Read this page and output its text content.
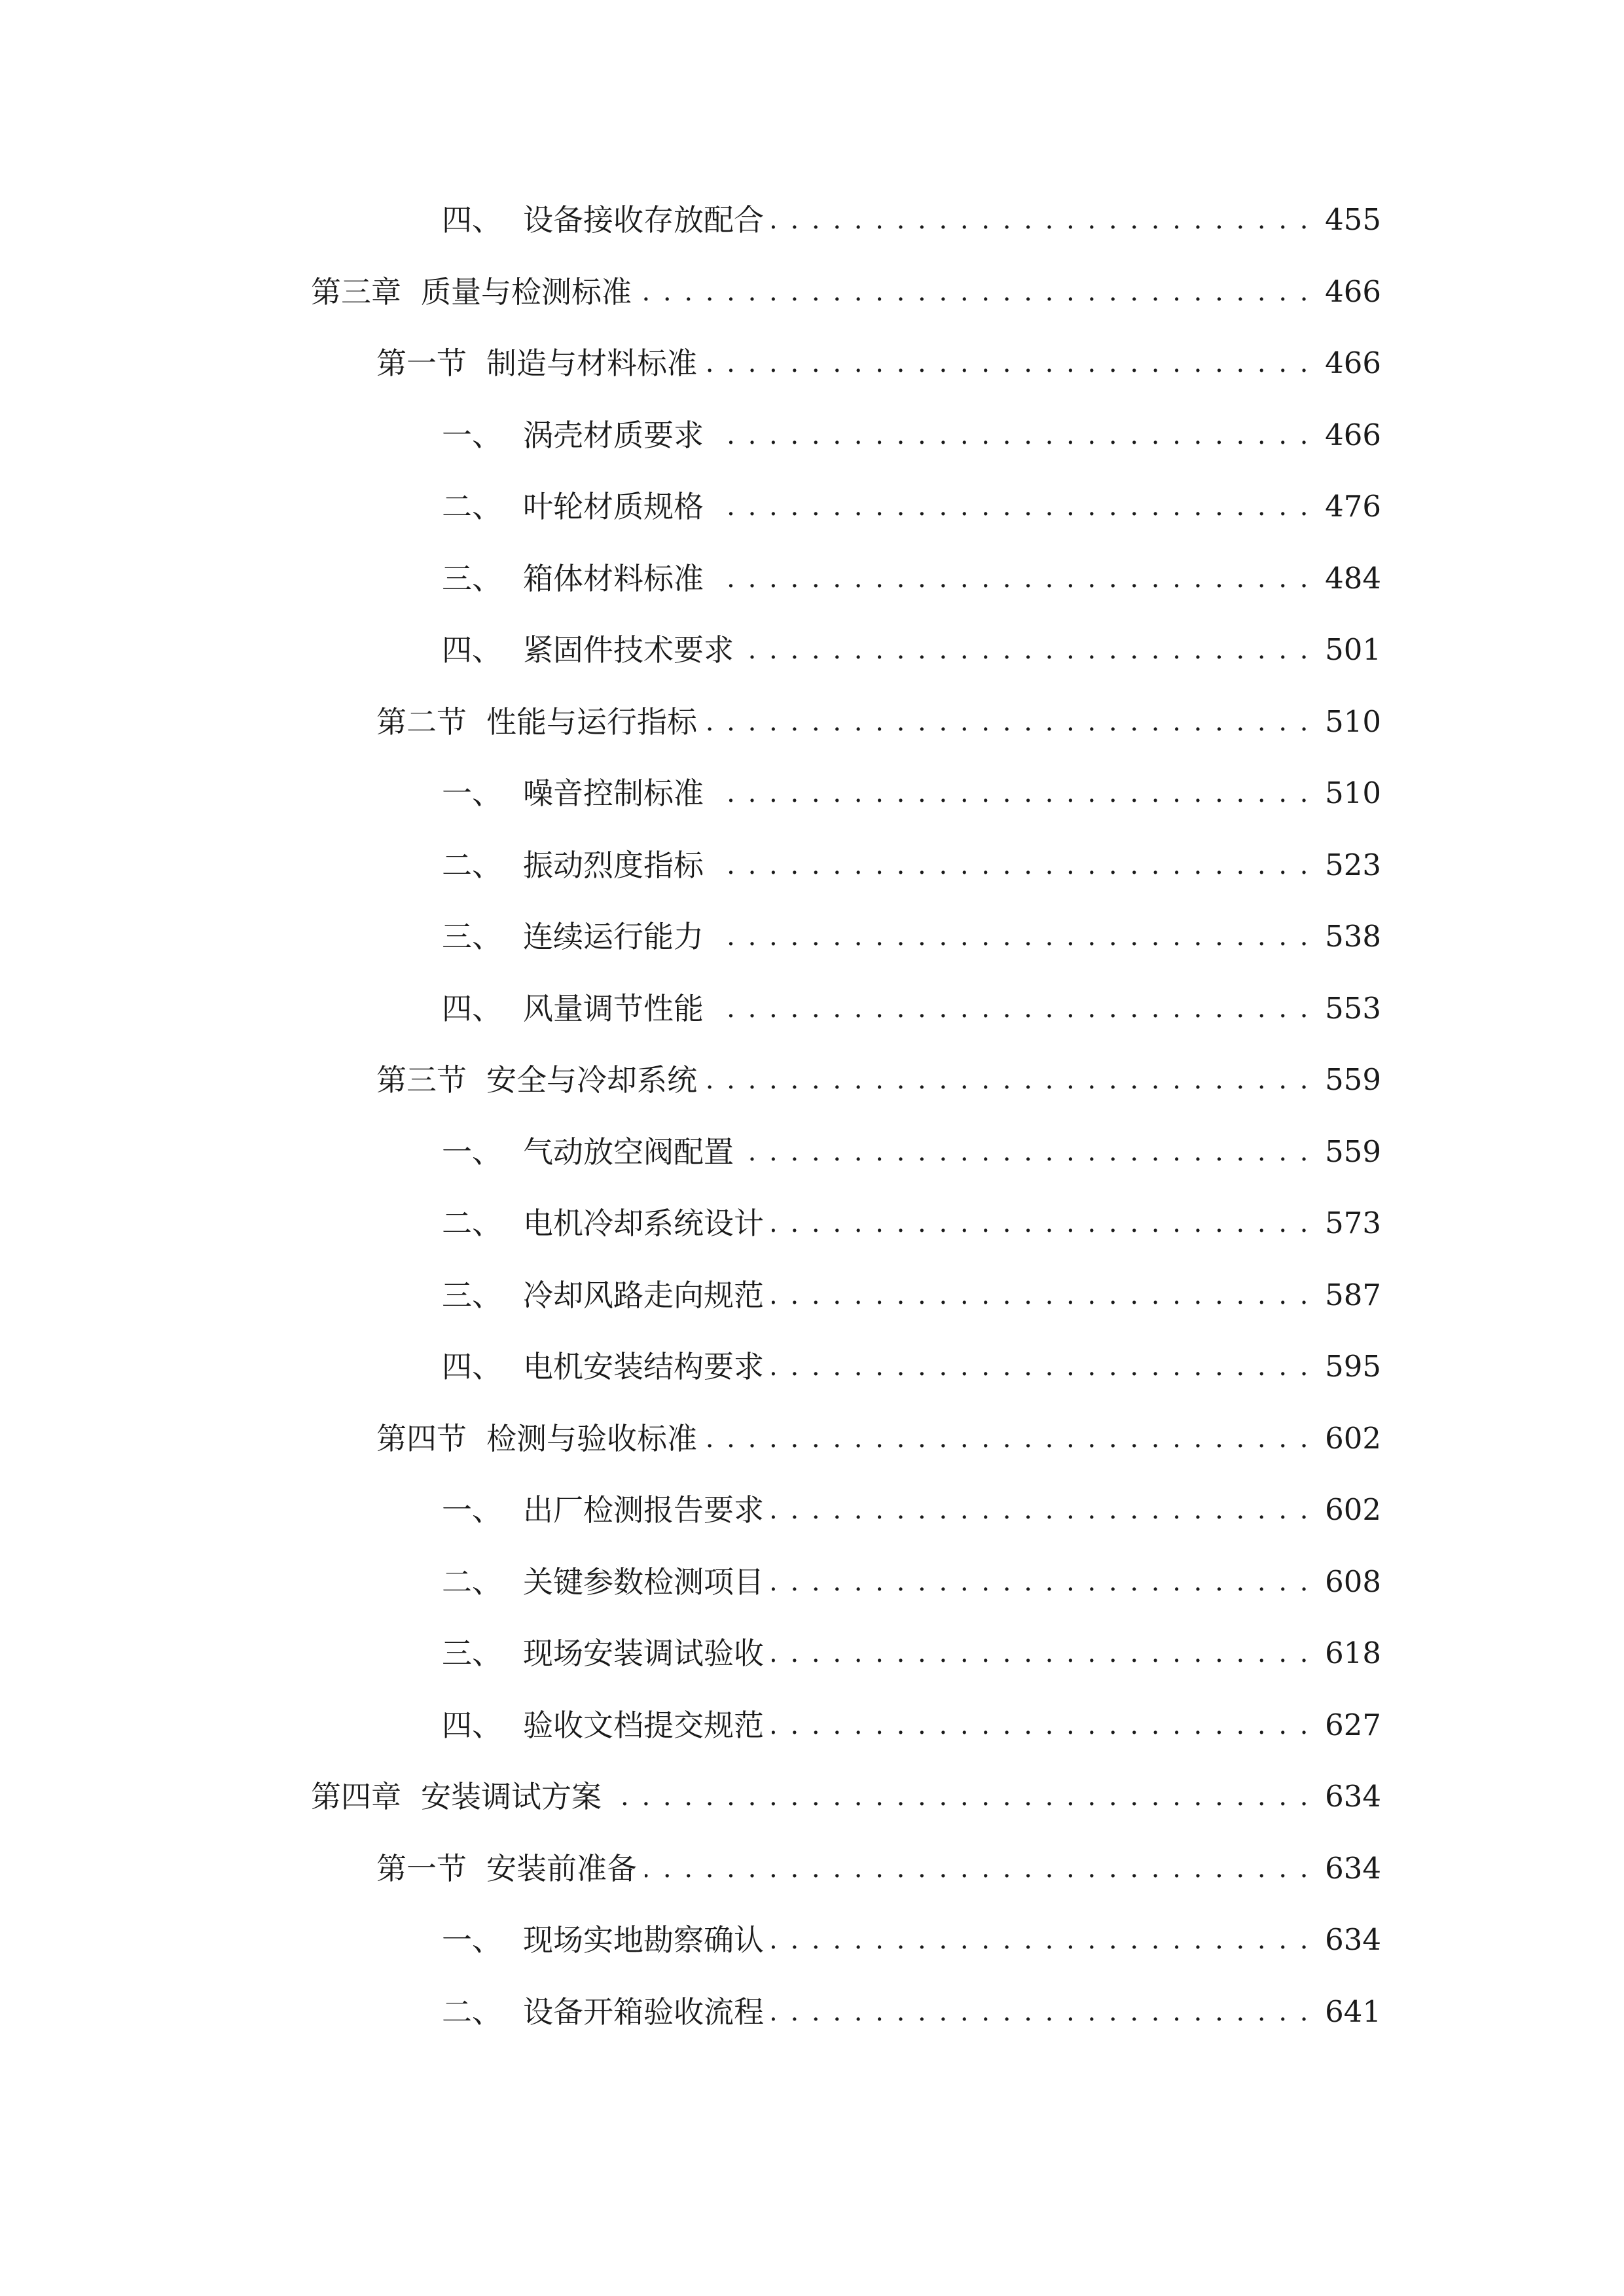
四、 设备接收存放配合 . . .	455
第三章 质量与检测标准 . . .	466
第一节 制造与材料标准 . . .	466
一、 涡壳材质要求 . . .	466
二、 叶轮材质规格 . . .	476
三、 箱体材料标准 . . .	484
四、 紧固件技术要求 . . .	501
第二节 性能与运行指标 . . .	510
一、 噪音控制标准 . . .	510
二、 振动烈度指标 . . .	523
三、 连续运行能力 . . .	538
四、 风量调节性能 . . .	553
第三节 安全与冷却系统 . . .	559
一、 气动放空阀配置 . . .	559
二、 电机冷却系统设计 . . .	573
三、 冷却风路走向规范 . . .	587
四、 电机安装结构要求 . . .	595
第四节 检测与验收标准 . . .	602
一、 出厂检测报告要求 . . .	602
二、 关键参数检测项目 . . .	608
三、 现场安装调试验收 . . .	618
四、 验收文档提交规范 . . .	627
第四章 安装调试方案 . . .	634
第一节 安装前准备 . . .	634
一、 现场实地勘察确认 . . .	634
二、 设备开箱验收流程 . . .	641
